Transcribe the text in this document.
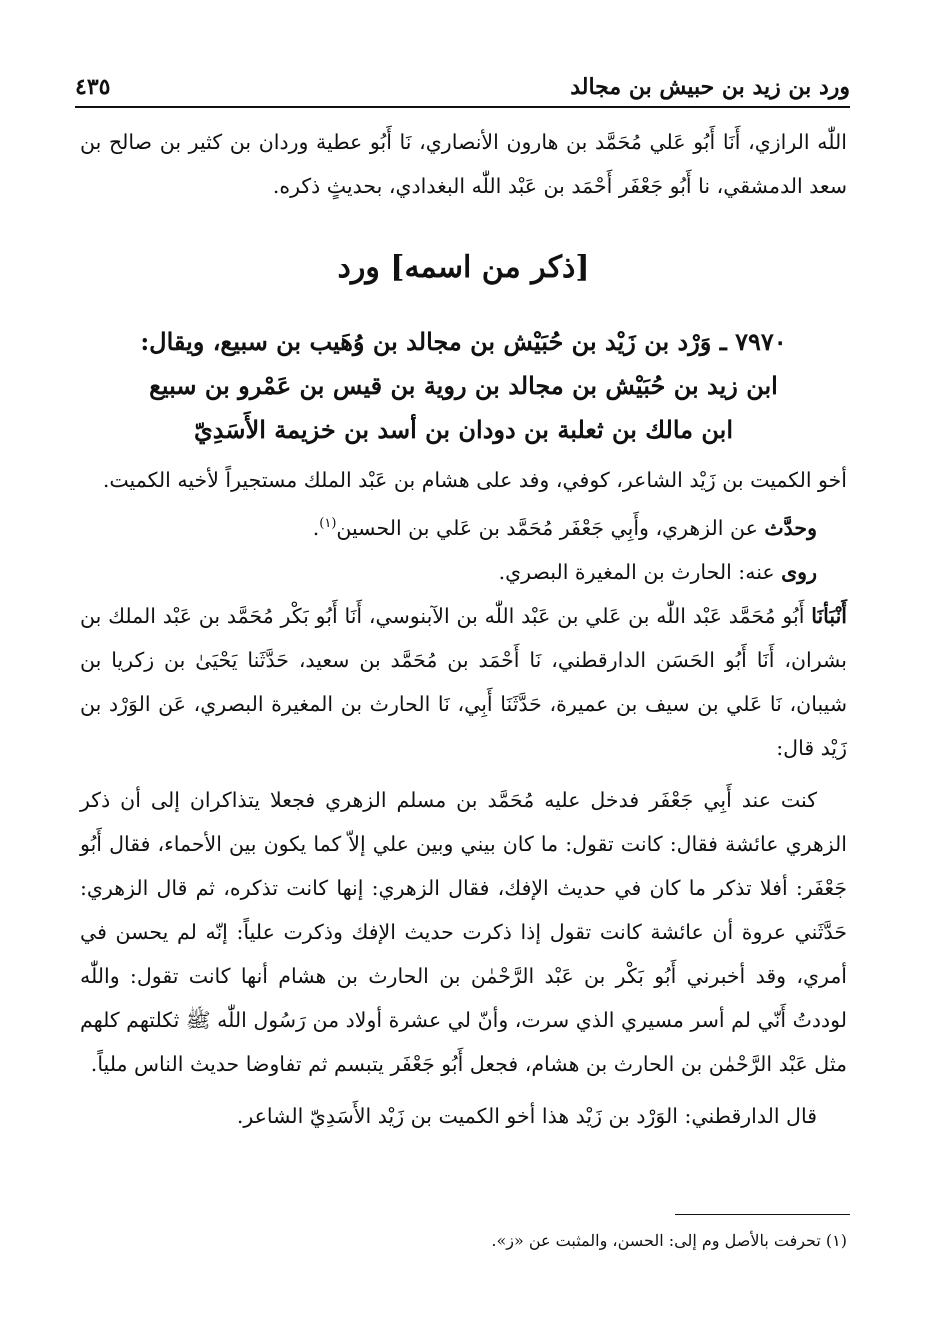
ورد بن زيد بن حبيش بن مجالد
٤٣٥

اللّٰه الرازي، أَنَا أَبُو عَلي مُحَمَّد بن هارون الأنصاري، نَا أَبُو عطية وردان بن كثير بن صالح بن سعد الدمشقي، نا أَبُو جَعْفَر أَحْمَد بن عَبْد اللّٰه البغدادي، بحديثٍ ذكره.

[ذكر من اسمه] ورد
٧٩٧٠ ـ وَرْد بن زَيْد بن حُبَيْش بن مجالد بن وُهَيب بن سبيع، ويقال:
ابن زيد بن حُبَيْش بن مجالد بن روية بن قيس بن عَمْرو بن سبيع
ابن مالك بن ثعلبة بن دودان بن أسد بن خزيمة الأَسَدِيّ

أخو الكميت بن زَيْد الشاعر، كوفي، وفد على هشام بن عَبْد الملك مستجيراً لأخيه الكميت.

وحدَّث عن الزهري، وأَبِي جَعْفَر مُحَمَّد بن عَلي بن الحسين$^{(١)}$.

روى عنه: الحارث بن المغيرة البصري.

أَنْبَأنَا أَبُو مُحَمَّد عَبْد اللّٰه بن عَلي بن عَبْد اللّٰه بن الآبنوسي، أَنَا أَبُو بَكْر مُحَمَّد بن عَبْد الملك بن بشران، أَنَا أَبُو الحَسَن الدارقطني، نَا أَحْمَد بن مُحَمَّد بن سعيد، حَدَّثَنا يَحْيَىٰ بن زكريا بن شيبان، نَا عَلي بن سيف بن عميرة، حَدَّثَنَا أَبِي، نَا الحارث بن المغيرة البصري، عَن الوَرْد بن زَيْد قال:

كنت عند أَبِي جَعْفَر فدخل عليه مُحَمَّد بن مسلم الزهري فجعلا يتذاكران إلى أن ذكر الزهري عائشة فقال: كانت تقول: ما كان بيني وبين علي إلاّ كما يكون بين الأحماء، فقال أَبُو جَعْفَر: أفلا تذكر ما كان في حديث الإفك، فقال الزهري: إنها كانت تذكره، ثم قال الزهري: حَدَّثَني عروة أن عائشة كانت تقول إذا ذكرت حديث الإفك وذكرت علياً: إنّه لم يحسن في أمري، وقد أخبرني أَبُو بَكْر بن عَبْد الرَّحْمٰن بن الحارث بن هشام أنها كانت تقول: واللّٰه لوددتُ أَنّي لم أسر مسيري الذي سرت، وأنّ لي عشرة أولاد من رَسُول اللّٰه ﷺ ثكلتهم كلهم مثل عَبْد الرَّحْمٰن بن الحارث بن هشام، فجعل أَبُو جَعْفَر يتبسم ثم تفاوضا حديث الناس ملياً.

قال الدارقطني: الوَرْد بن زَيْد هذا أخو الكميت بن زَيْد الأَسَدِيّ الشاعر.

(١) تحرفت بالأصل وم إلى: الحسن، والمثبت عن «ز».
